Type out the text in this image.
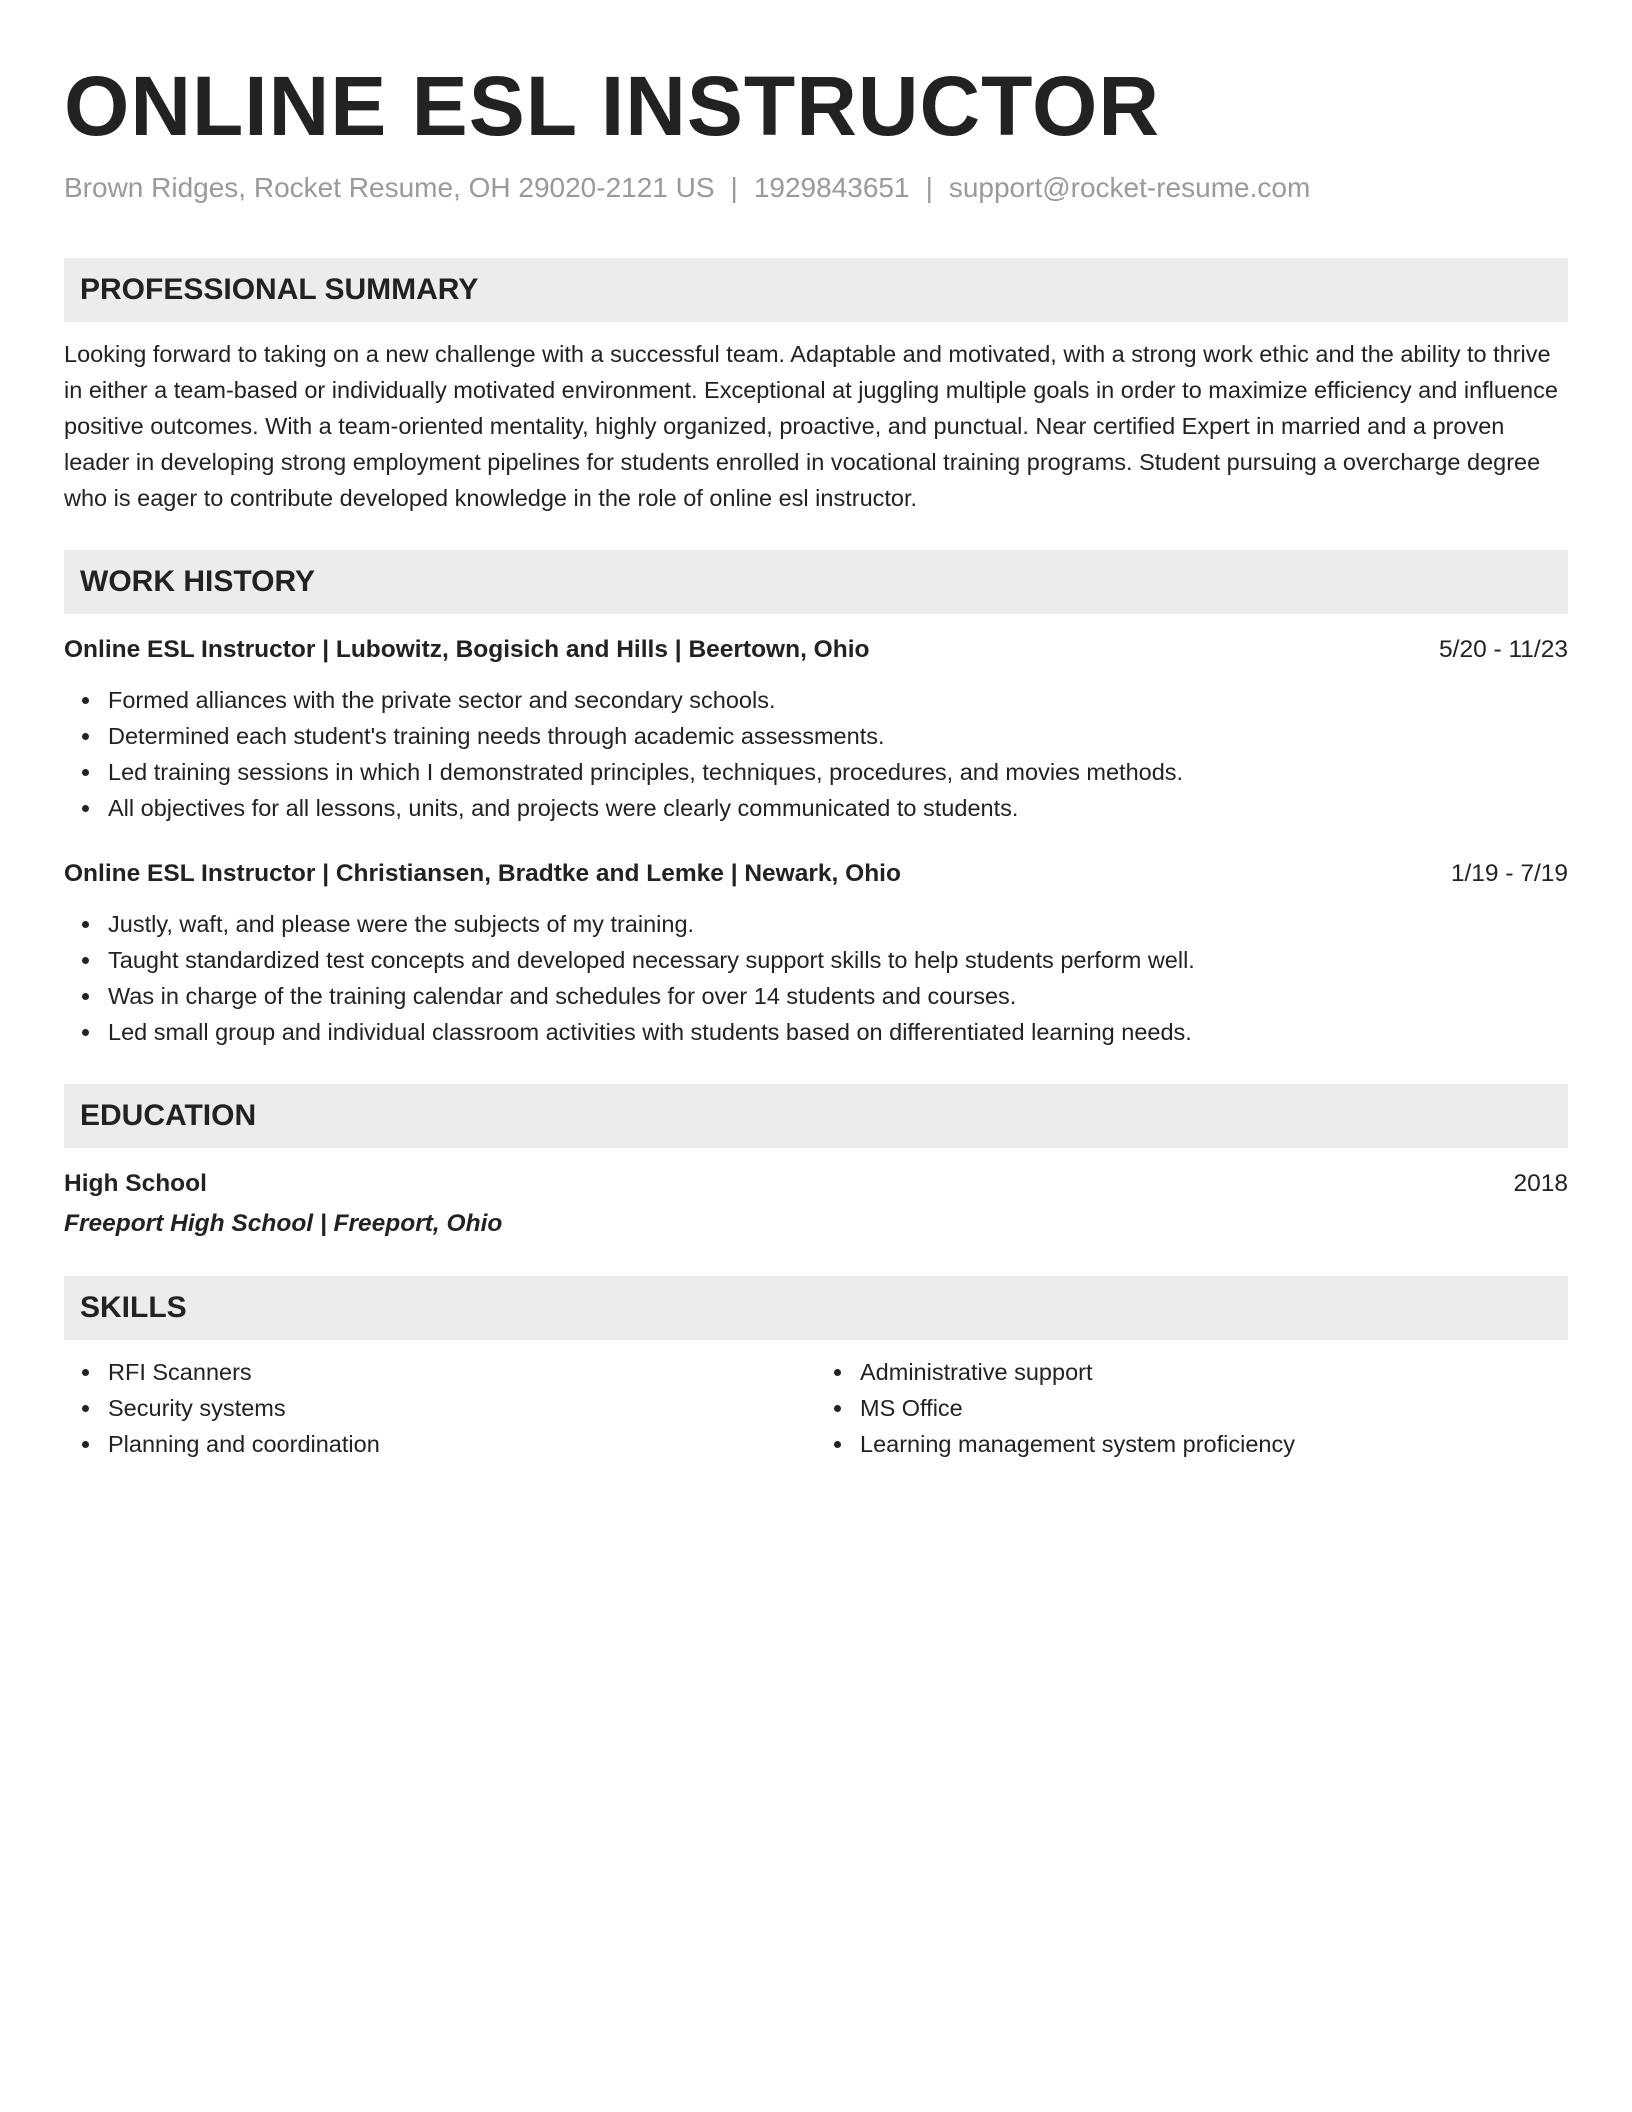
ONLINE ESL INSTRUCTOR
Brown Ridges, Rocket Resume, OH 29020-2121 US | 1929843651 | support@rocket-resume.com
PROFESSIONAL SUMMARY

Looking forward to taking on a new challenge with a successful team. Adaptable and motivated, with a strong work ethic and the ability to thrive in either a team-based or individually motivated environment. Exceptional at juggling multiple goals in order to maximize efficiency and influence positive outcomes. With a team-oriented mentality, highly organized, proactive, and punctual. Near certified Expert in married and a proven leader in developing strong employment pipelines for students enrolled in vocational training programs. Student pursuing a overcharge degree who is eager to contribute developed knowledge in the role of online esl instructor.

WORK HISTORY
Online ESL Instructor | Lubowitz, Bogisich and Hills | Beertown, Ohio	5/20 - 11/23
Formed alliances with the private sector and secondary schools.
Determined each student's training needs through academic assessments.
Led training sessions in which I demonstrated principles, techniques, procedures, and movies methods.
All objectives for all lessons, units, and projects were clearly communicated to students.
Online ESL Instructor | Christiansen, Bradtke and Lemke | Newark, Ohio	1/19 - 7/19
Justly, waft, and please were the subjects of my training.
Taught standardized test concepts and developed necessary support skills to help students perform well.
Was in charge of the training calendar and schedules for over 14 students and courses.
Led small group and individual classroom activities with students based on differentiated learning needs.
EDUCATION
High School	2018
Freeport High School | Freeport, Ohio
SKILLS
RFI Scanners
Security systems
Planning and coordination
Administrative support
MS Office
Learning management system proficiency
